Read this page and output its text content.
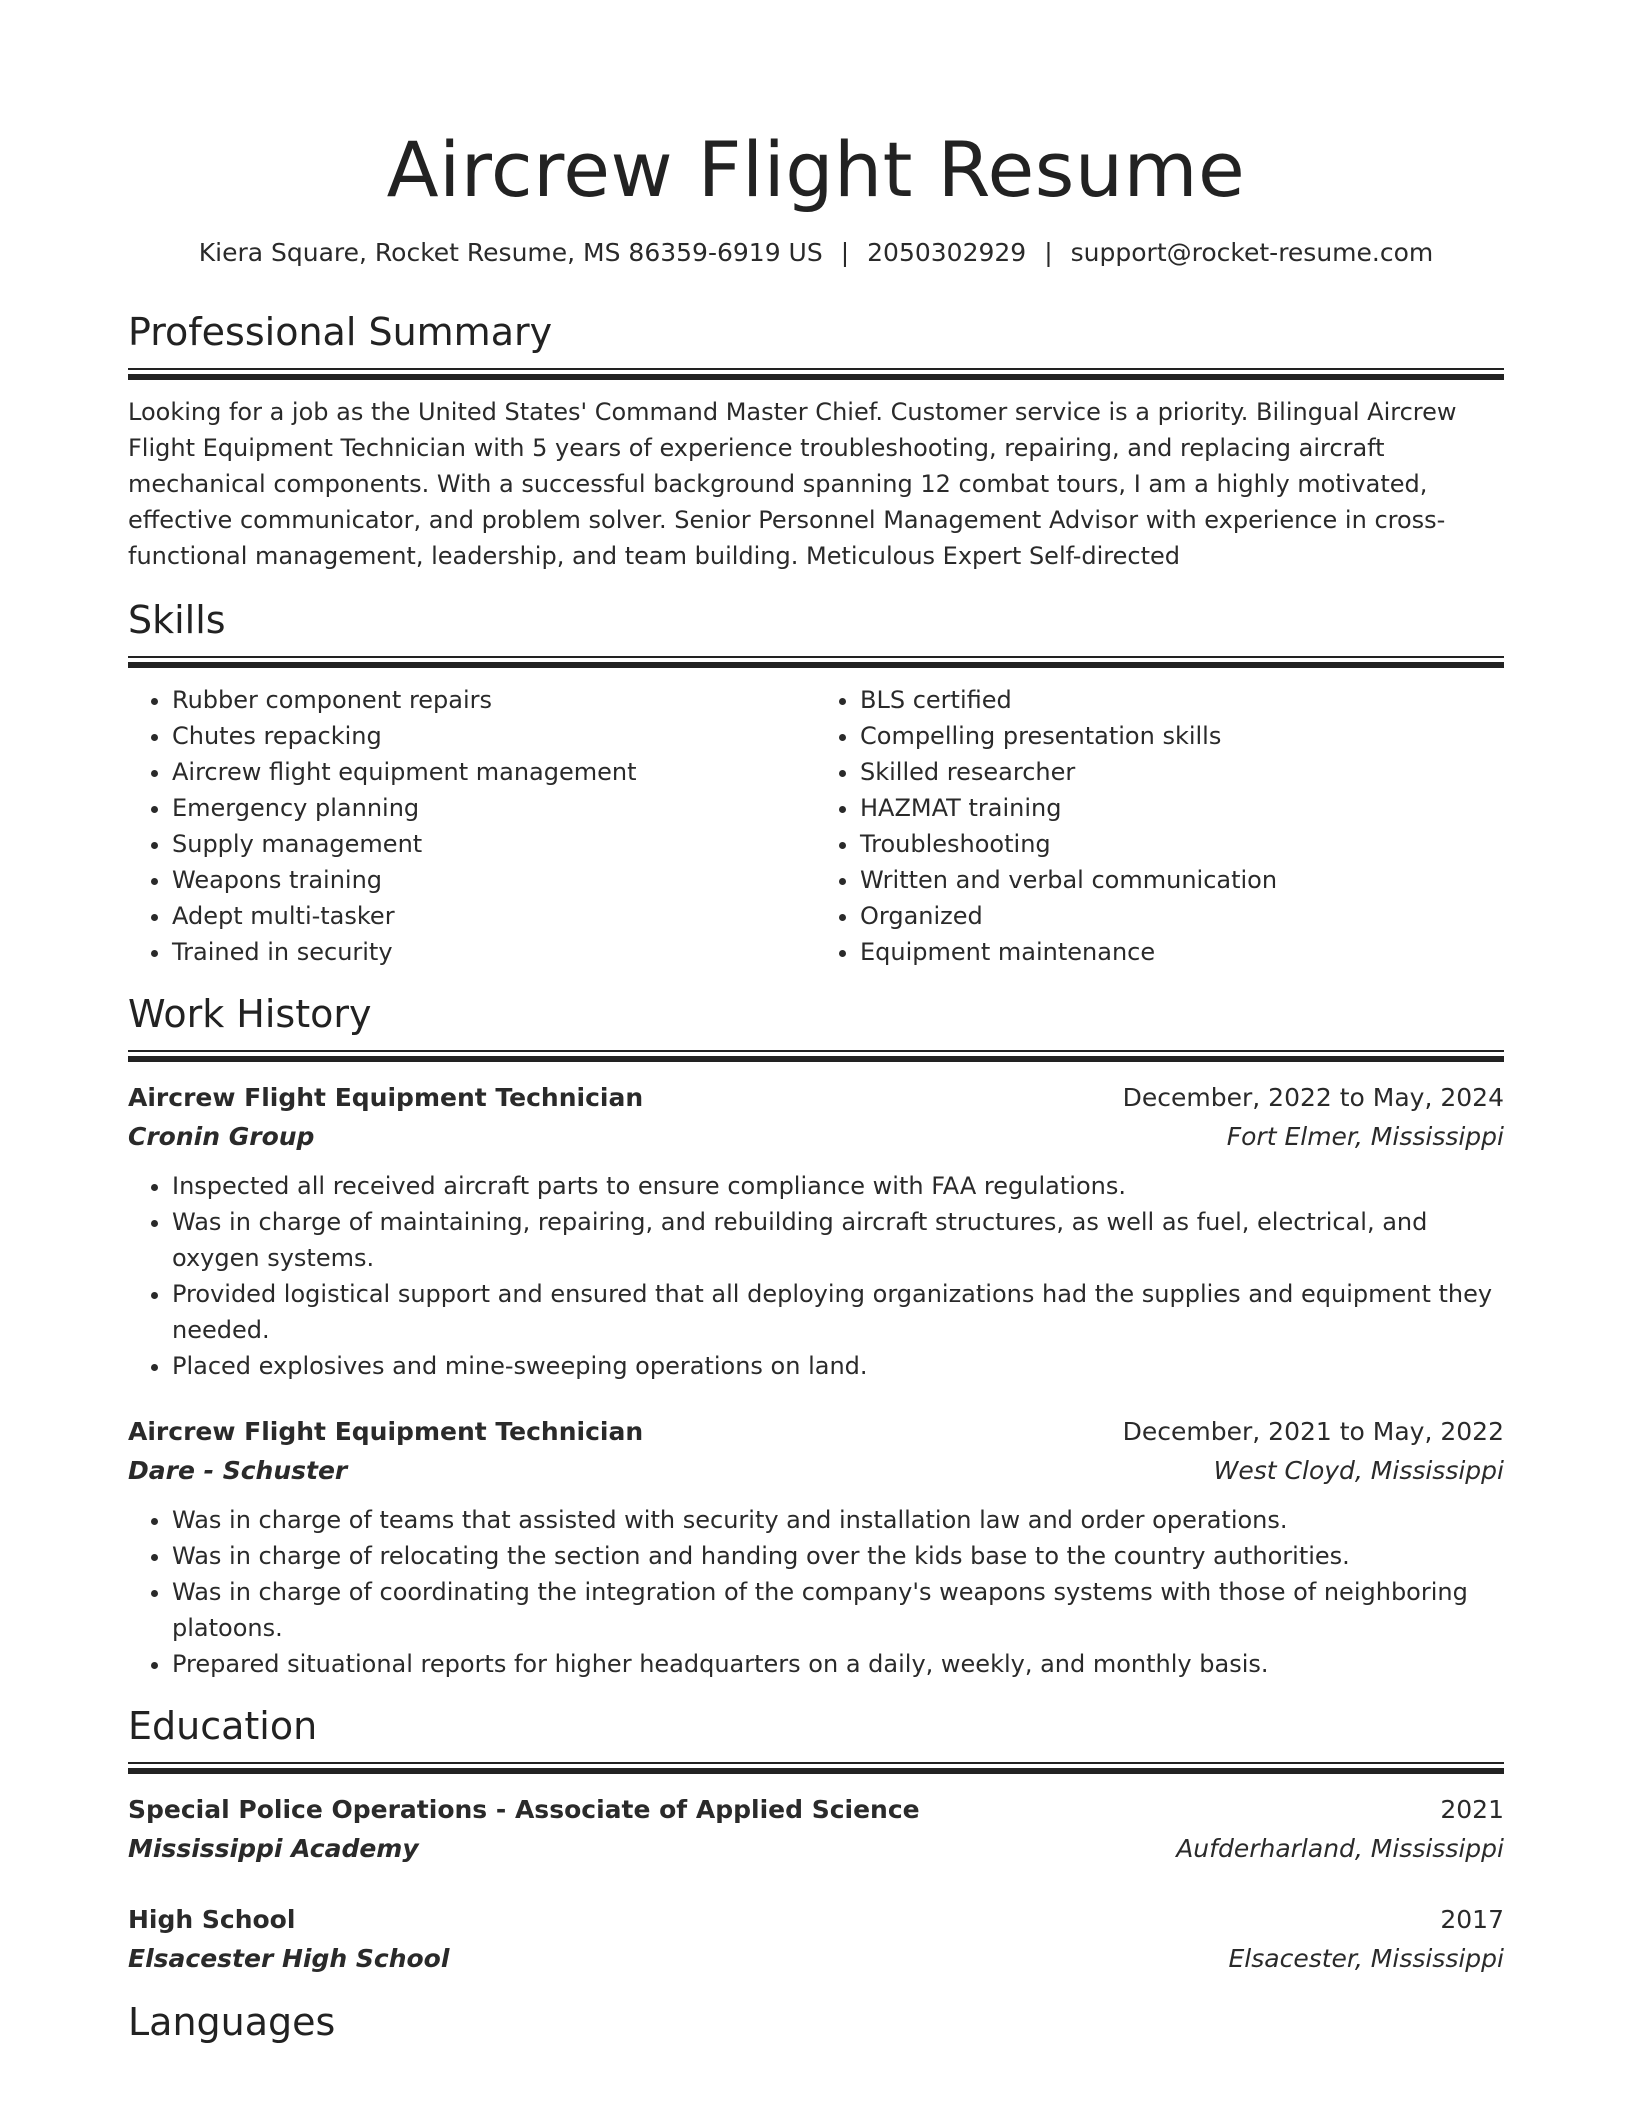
Aircrew Flight Resume
Kiera Square, Rocket Resume, MS 86359-6919 US | 2050302929 | support@rocket-resume.com
Professional Summary
Looking for a job as the United States' Command Master Chief. Customer service is a priority. Bilingual Aircrew Flight Equipment Technician with 5 years of experience troubleshooting, repairing, and replacing aircraft mechanical components. With a successful background spanning 12 combat tours, I am a highly motivated, effective communicator, and problem solver. Senior Personnel Management Advisor with experience in cross-functional management, leadership, and team building. Meticulous Expert Self-directed
Skills
• Rubber component repairs
• Chutes repacking
• Aircrew flight equipment management
• Emergency planning
• Supply management
• Weapons training
• Adept multi-tasker
• Trained in security
• BLS certified
• Compelling presentation skills
• Skilled researcher
• HAZMAT training
• Troubleshooting
• Written and verbal communication
• Organized
• Equipment maintenance
Work History
Aircrew Flight Equipment Technician	December, 2022 to May, 2024
Cronin Group	Fort Elmer, Mississippi
• Inspected all received aircraft parts to ensure compliance with FAA regulations.
• Was in charge of maintaining, repairing, and rebuilding aircraft structures, as well as fuel, electrical, and oxygen systems.
• Provided logistical support and ensured that all deploying organizations had the supplies and equipment they needed.
• Placed explosives and mine-sweeping operations on land.
Aircrew Flight Equipment Technician	December, 2021 to May, 2022
Dare - Schuster	West Cloyd, Mississippi
• Was in charge of teams that assisted with security and installation law and order operations.
• Was in charge of relocating the section and handing over the kids base to the country authorities.
• Was in charge of coordinating the integration of the company's weapons systems with those of neighboring platoons.
• Prepared situational reports for higher headquarters on a daily, weekly, and monthly basis.
Education
Special Police Operations - Associate of Applied Science	2021
Mississippi Academy	Aufderharland, Mississippi
High School	2017
Elsacester High School	Elsacester, Mississippi
Languages
